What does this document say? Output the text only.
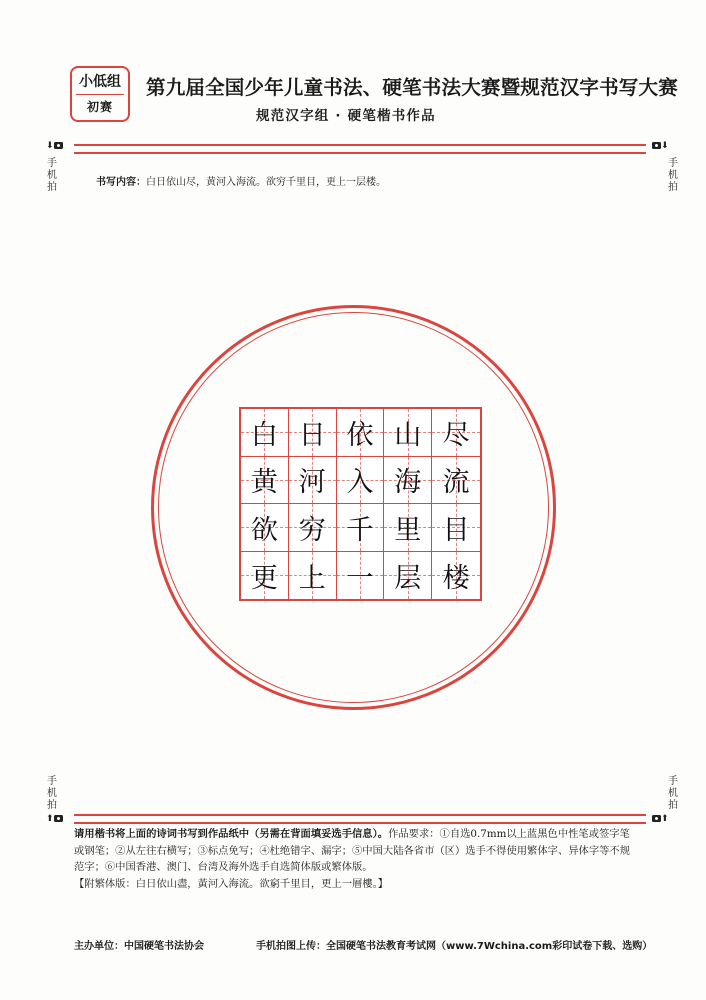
小低组
初赛
第九届全国少年儿童书法、硬笔书法大赛暨规范汉字书写大赛
规范汉字组 · 硬笔楷书作品
⬇	⬇
手机拍
手机拍
书写内容：白日依山尽，黄河入海流。欲穷千里目，更上一层楼。
白 日 依 山 尽
黄 河 入 海 流
欲 穷 千 里 目
更 上 一 层 楼
手机拍
手机拍
⬆	⬆
请用楷书将上面的诗词书写到作品纸中（另需在背面填妥选手信息）。作品要求：①自选0.7mm以上蓝黑色中性笔或签字笔或钢笔；②从左往右横写；③标点免写；④杜绝错字、漏字；⑤中国大陆各省市（区）选手不得使用繁体字、异体字等不规范字；⑥中国香港、澳门、台湾及海外选手自选简体版或繁体版。
【附繁体版：白日依山盡，黃河入海流。欲窮千里目，更上一層樓。】
主办单位：中国硬笔书法协会	手机拍图上传：全国硬笔书法教育考试网（www.7Wchina.com彩印试卷下载、选购）
